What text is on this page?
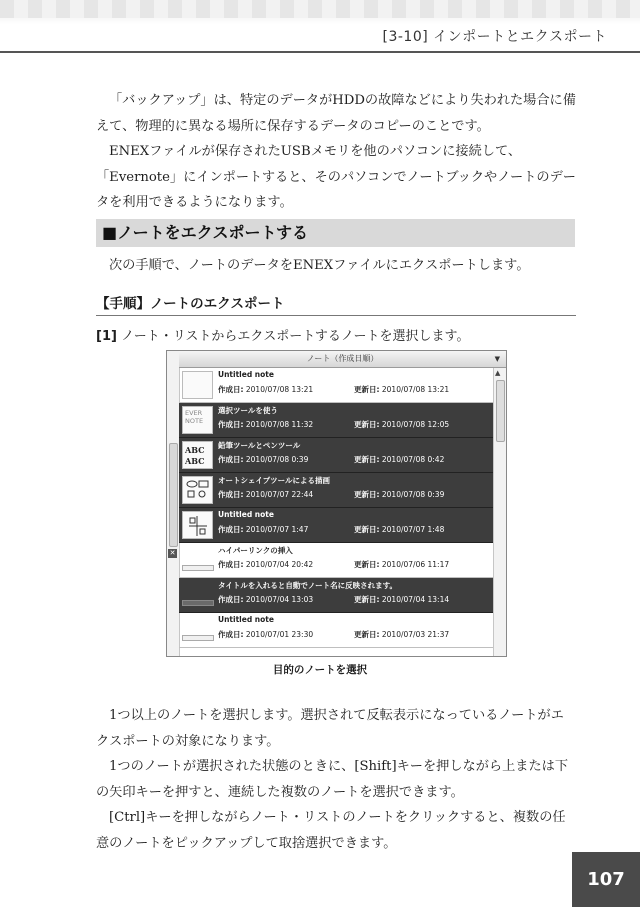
[3-10] インポートとエクスポート

「バックアップ」は、特定のデータがHDDの故障などにより失われた場合に備えて、物理的に異なる場所に保存するデータのコピーのことです。

ENEXファイルが保存されたUSBメモリを他のパソコンに接続して、「Evernote」にインポートすると、そのパソコンでノートブックやノートのデータを利用できるようになります。

■ノートをエクスポートする

次の手順で、ノートのデータをENEXファイルにエクスポートします。

【手順】ノートのエクスポート
[1] ノート・リストからエクスポートするノートを選択します。
✕
ノート（作成日順）	▼
Untitled note
作成日: 2010/07/08 13:21	更新日: 2010/07/08 13:21
EVER NOTE
選択ツールを使う
作成日: 2010/07/08 11:32	更新日: 2010/07/08 12:05
ABC
ABC
鉛筆ツールとペンツール
作成日: 2010/07/08 0:39	更新日: 2010/07/08 0:42
オートシェイプツールによる描画
作成日: 2010/07/07 22:44	更新日: 2010/07/08 0:39
Untitled note
作成日: 2010/07/07 1:47	更新日: 2010/07/07 1:48
ハイパーリンクの挿入
作成日: 2010/07/04 20:42	更新日: 2010/07/06 11:17
タイトルを入れると自動でノート名に反映されます。
作成日: 2010/07/04 13:03	更新日: 2010/07/04 13:14
Untitled note
作成日: 2010/07/01 23:30	更新日: 2010/07/03 21:37
▲
目的のノートを選択

1つ以上のノートを選択します。選択されて反転表示になっているノートがエクスポートの対象になります。

1つのノートが選択された状態のときに、[Shift]キーを押しながら上または下の矢印キーを押すと、連続した複数のノートを選択できます。

[Ctrl]キーを押しながらノート・リストのノートをクリックすると、複数の任意のノートをピックアップして取捨選択できます。

107
